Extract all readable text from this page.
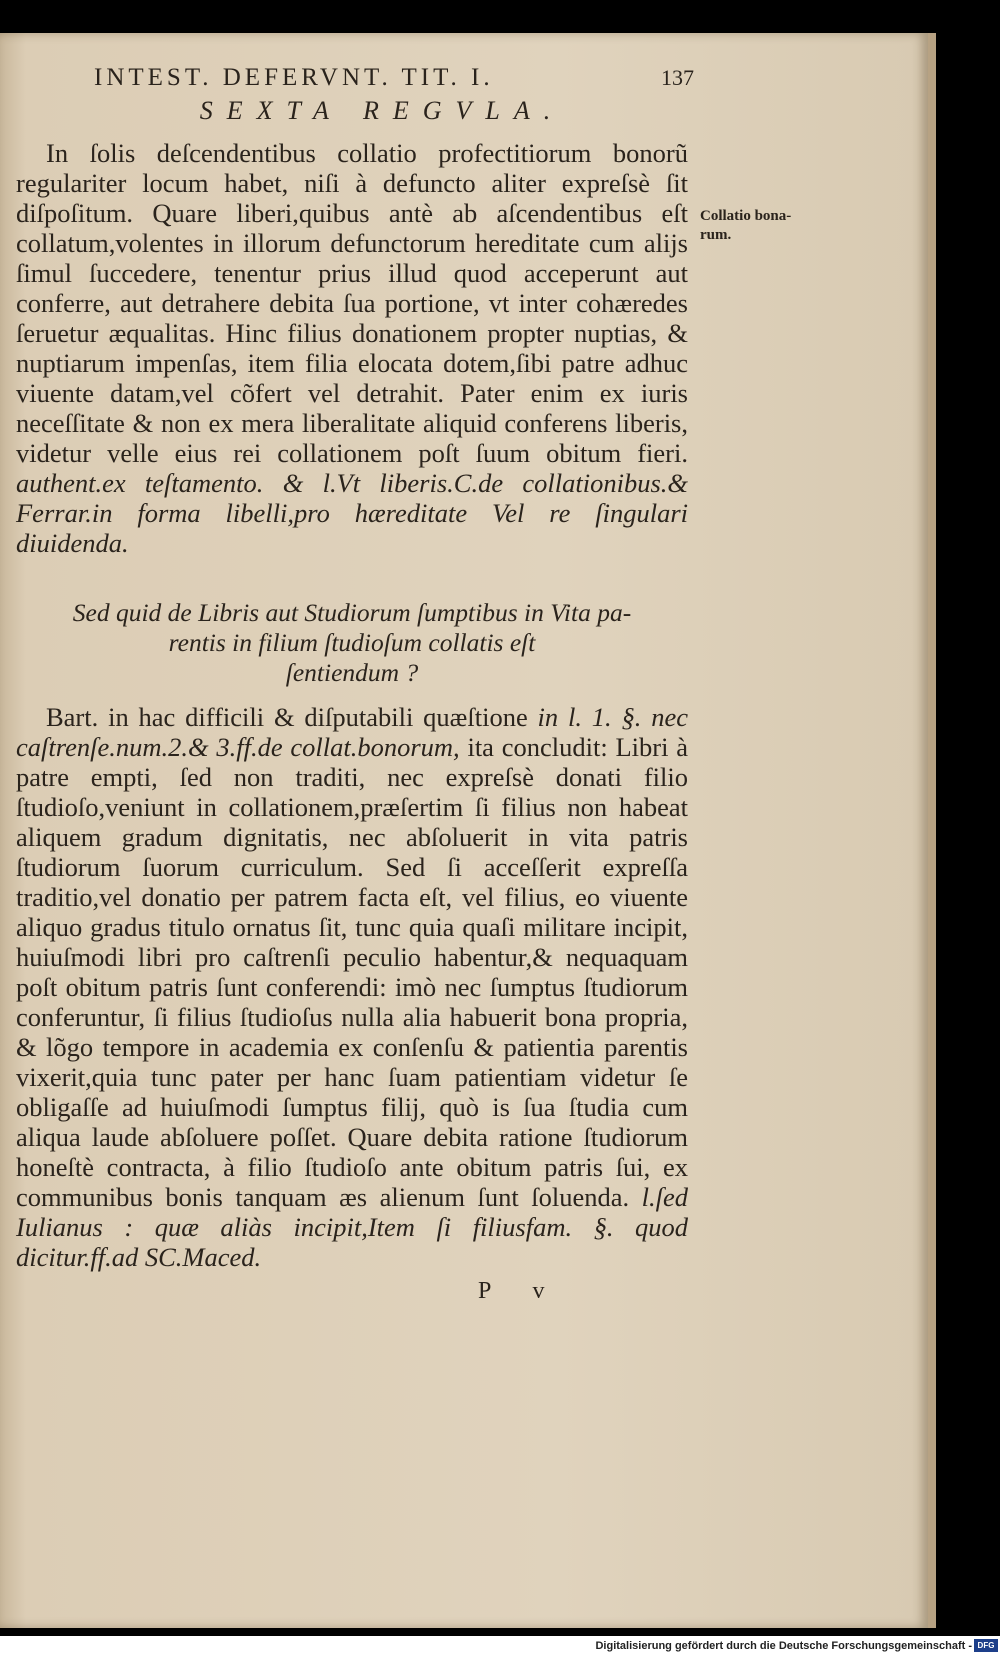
INTEST. DEFERVNT. TIT. I.	137
SEXTA REGVLA.

In ſolis deſcendentibus collatio profectitiorum bonorũ regulariter locum habet, niſi à defuncto aliter expreſsè ſit diſpoſitum. Quare liberi,quibus antè ab aſcendentibus eſt collatum,volentes in illorum defunctorum hereditate cum alijs ſimul ſuccedere, tenentur prius illud quod acceperunt aut conferre, aut detrahere debita ſua portione, vt inter cohæredes ſeruetur æqualitas. Hinc filius donationem propter nuptias, & nuptiarum impenſas, item filia elocata dotem,ſibi patre adhuc viuente datam,vel cõfert vel detrahit. Pater enim ex iuris neceſſitate & non ex mera liberalitate aliquid conferens liberis, videtur velle eius rei collationem poſt ſuum obitum fieri. authent.ex teſtamento. & l.Vt liberis.C.de collationibus.& Ferrar.in forma libelli,pro hæreditate Vel re ſingulari diuidenda.

Sed quid de Libris aut Studiorum ſumptibus in Vita pa-
rentis in filium ſtudioſum collatis eſt
ſentiendum ?

Bart. in hac difficili & diſputabili quæſtione in l. 1. §. nec caſtrenſe.num.2.& 3.ff.de collat.bonorum, ita concludit: Libri à patre empti, ſed non traditi, nec expreſsè donati filio ſtudioſo,veniunt in collationem,præſertim ſi filius non habeat aliquem gradum dignitatis, nec abſoluerit in vita patris ſtudiorum ſuorum curriculum. Sed ſi acceſſerit expreſſa traditio,vel donatio per patrem facta eſt, vel filius, eo viuente aliquo gradus titulo ornatus ſit, tunc quia quaſi militare incipit, huiuſmodi libri pro caſtrenſi peculio habentur,& nequaquam poſt obitum patris ſunt conferendi: imò nec ſumptus ſtudiorum conferuntur, ſi filius ſtudioſus nulla alia habuerit bona propria, & lõgo tempore in academia ex conſenſu & patientia parentis vixerit,quia tunc pater per hanc ſuam patientiam videtur ſe obligaſſe ad huiuſmodi ſumptus filij, quò is ſua ſtudia cum aliqua laude abſoluere poſſet. Quare debita ratione ſtudiorum honeſtè contracta, à filio ſtudioſo ante obitum patris ſui, ex communibus bonis tanquam æs alienum ſunt ſoluenda. l.ſed Iulianus : quæ aliàs incipit,Item ſi filiusfam. §. quod dicitur.ff.ad SC.Maced.

P v
Collatio bona-
rum.
Digitalisierung gefördert durch die Deutsche Forschungsgemeinschaft - DFG
